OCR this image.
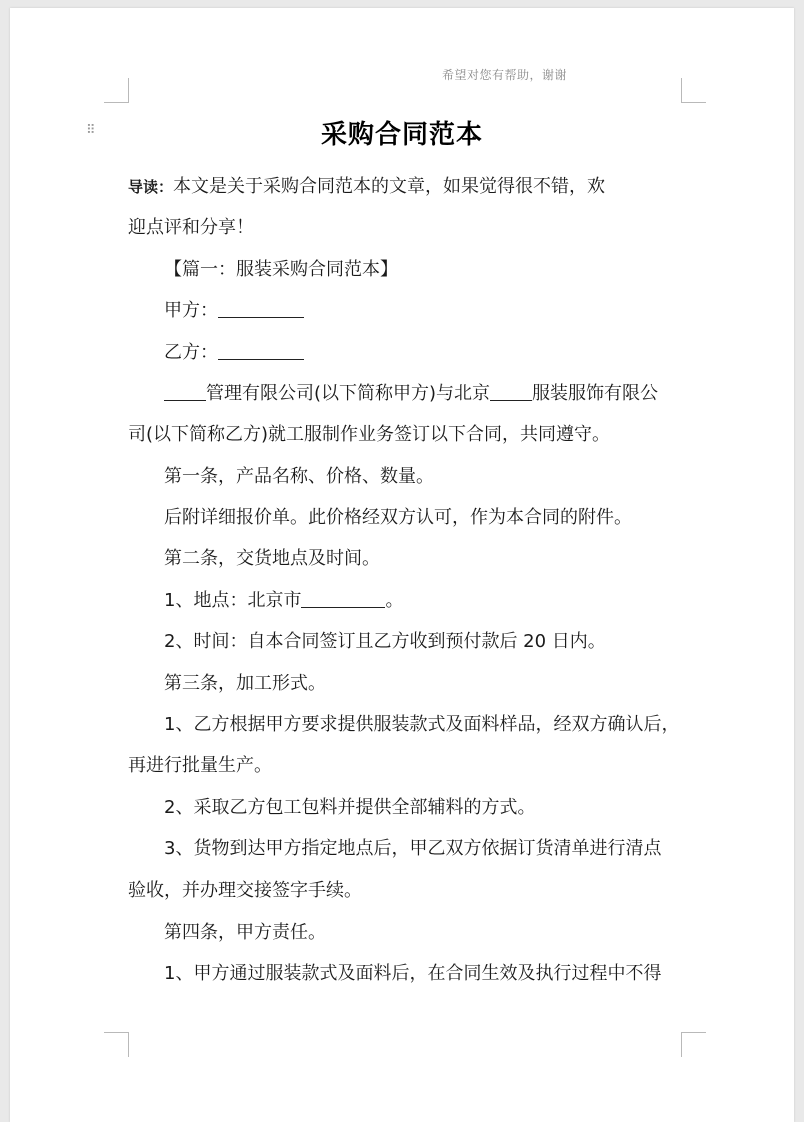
希望对您有帮助，谢谢
⠿	采购合同范本
导读：本文是关于采购合同范本的文章，如果觉得很不错，欢
迎点评和分享！
【篇一：服装采购合同范本】
甲方：
乙方：
管理有限公司(以下简称甲方)与北京 服装服饰有限公
司(以下简称乙方)就工服制作业务签订以下合同，共同遵守。
第一条，产品名称、价格、数量。
后附详细报价单。此价格经双方认可，作为本合同的附件。
第二条，交货地点及时间。
1、地点：北京市	。
2、时间：自本合同签订且乙方收到预付款后 20 日内。
第三条，加工形式。
1、乙方根据甲方要求提供服装款式及面料样品，经双方确认后，
再进行批量生产。
2、采取乙方包工包料并提供全部辅料的方式。
3、货物到达甲方指定地点后，甲乙双方依据订货清单进行清点
验收，并办理交接签字手续。
第四条，甲方责任。
1、甲方通过服装款式及面料后，在合同生效及执行过程中不得
